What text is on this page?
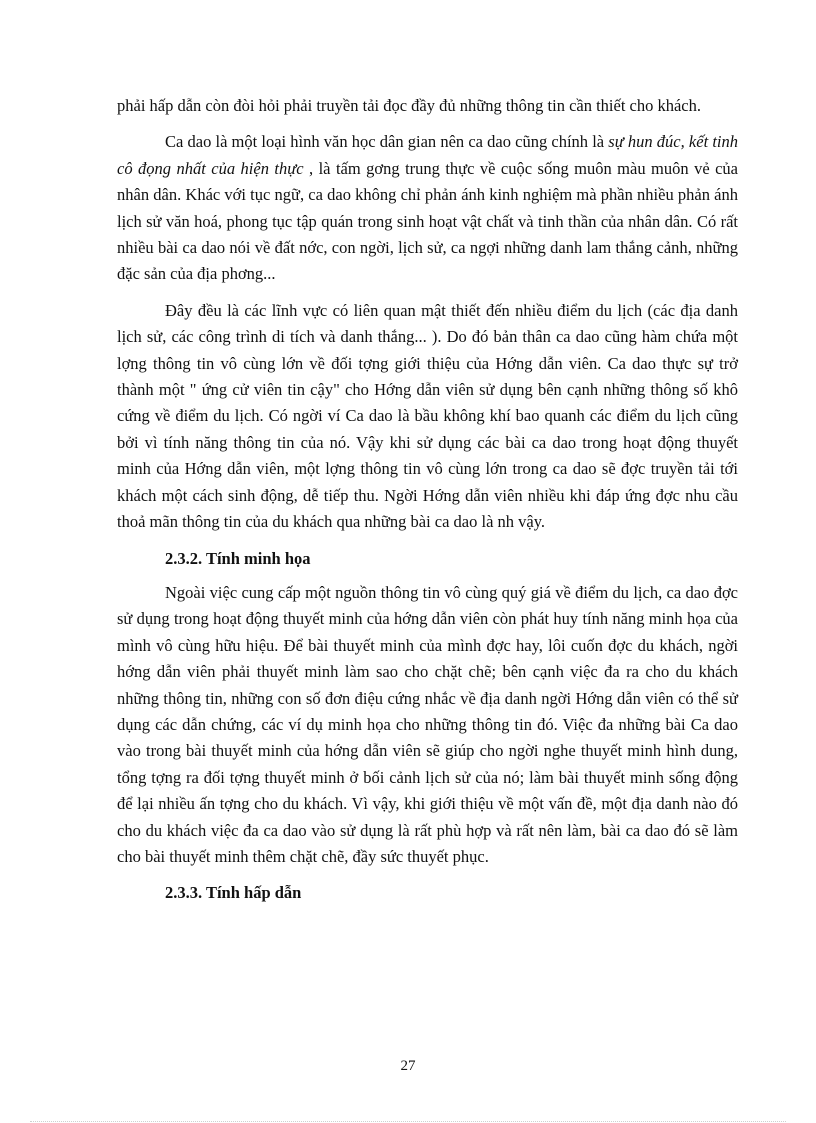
phải hấp dẫn còn đòi hỏi phải truyền tải đọc đầy đủ những thông tin cần thiết cho khách.

Ca dao là một loại hình văn học dân gian nên ca dao cũng chính là sự hun đúc, kết tinh cô đọng nhất của hiện thực , là tấm gơng trung thực về cuộc sống muôn màu muôn vẻ của nhân dân. Khác với tục ngữ, ca dao không chỉ phản ánh kinh nghiệm mà phần nhiều phản ánh lịch sử văn hoá, phong tục tập quán trong sinh hoạt vật chất và tinh thần của nhân dân. Có rất nhiều bài ca dao nói về đất nớc, con ngời, lịch sử, ca ngợi những danh lam thắng cảnh, những đặc sản của địa phơng...

Đây đều là các lĩnh vực có liên quan mật thiết đến nhiều điểm du lịch (các địa danh lịch sử, các công trình di tích và danh thắng... ). Do đó bản thân ca dao cũng hàm chứa một lợng thông tin vô cùng lớn về đối tợng giới thiệu của Hớng dẫn viên. Ca dao thực sự trở thành một " ứng cử viên tin cậy" cho Hớng dẫn viên sử dụng bên cạnh những thông số khô cứng về điểm du lịch. Có ngời ví Ca dao là bầu không khí bao quanh các điểm du lịch cũng bởi vì tính năng thông tin của nó. Vậy khi sử dụng các bài ca dao trong hoạt động thuyết minh của Hớng dẫn viên, một lợng thông tin vô cùng lớn trong ca dao sẽ đợc truyền tải tới khách một cách sinh động, dễ tiếp thu. Ngời Hớng dẫn viên nhiều khi đáp ứng đợc nhu cầu thoả mãn thông tin của du khách qua những bài ca dao là nh vậy.

2.3.2. Tính minh họa

Ngoài việc cung cấp một nguồn thông tin vô cùng quý giá về điểm du lịch, ca dao đợc sử dụng trong hoạt động thuyết minh của hớng dẫn viên còn phát huy tính năng minh họa của mình vô cùng hữu hiệu. Để bài thuyết minh của mình đợc hay, lôi cuốn đợc du khách, ngời hớng dẫn viên phải thuyết minh làm sao cho chặt chẽ; bên cạnh việc đa ra cho du khách những thông tin, những con số đơn điệu cứng nhắc về địa danh ngời Hớng dẫn viên có thể sử dụng các dẫn chứng, các ví dụ minh họa cho những thông tin đó. Việc đa những bài Ca dao vào trong bài thuyết minh của hớng dẫn viên sẽ giúp cho ngời nghe thuyết minh hình dung, tổng tợng ra đối tợng thuyết minh ở bối cảnh lịch sử của nó; làm bài thuyết minh sống động để lại nhiều ấn tợng cho du khách. Vì vậy, khi giới thiệu về một vấn đề, một địa danh nào đó cho du khách việc đa ca dao vào sử dụng là rất phù hợp và rất nên làm, bài ca dao đó sẽ làm cho bài thuyết minh thêm chặt chẽ, đầy sức thuyết phục.

2.3.3. Tính hấp dẫn
27
